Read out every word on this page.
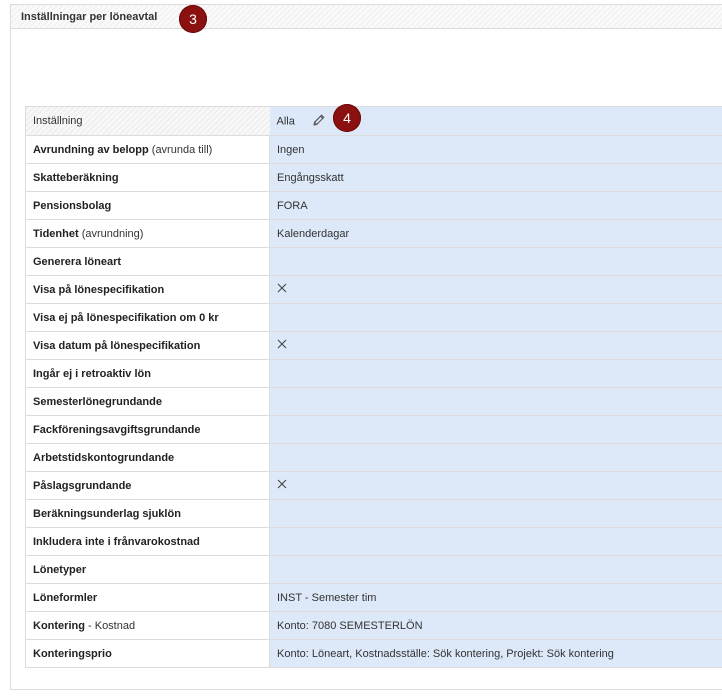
Inställningar per löneavtal	3
Inställning	Alla
Avrundning av belopp (avrunda till)	Ingen
Skatteberäkning	Engångsskatt
Pensionsbolag	FORA
Tidenhet (avrundning)	Kalenderdagar
Generera löneart	
Visa på lönespecifikation	
Visa ej på lönespecifikation om 0 kr	
Visa datum på lönespecifikation	
Ingår ej i retroaktiv lön	
Semesterlönegrundande	
Fackföreningsavgiftsgrundande	
Arbetstidskontogrundande	
Påslagsgrundande	
Beräkningsunderlag sjuklön	
Inkludera inte i frånvarokostnad	
Lönetyper	
Löneformler	INST - Semester tim
Kontering - Kostnad	Konto: 7080 SEMESTERLÖN
Konteringsprio	Konto: Löneart, Kostnadsställe: Sök kontering, Projekt: Sök kontering
4
